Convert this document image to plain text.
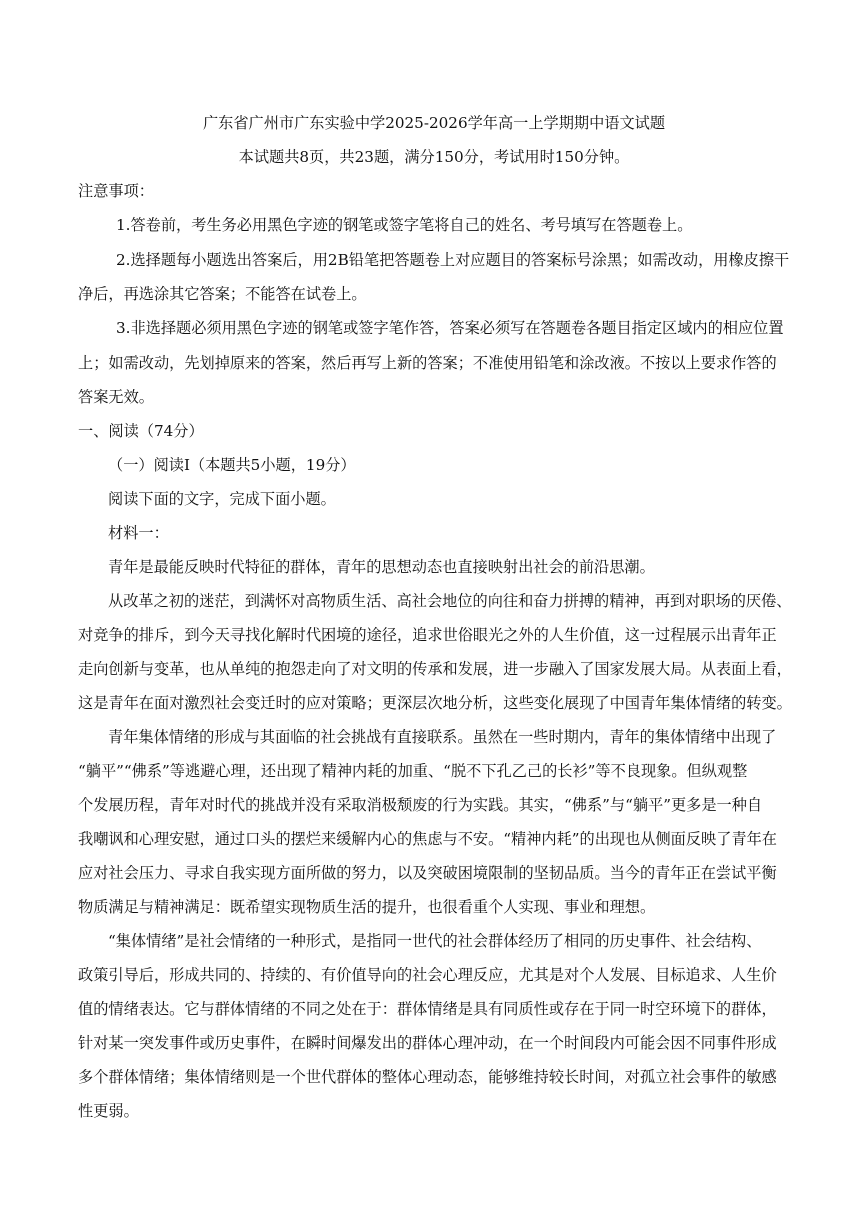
广东省广州市广东实验中学2025-2026学年高一上学期期中语文试题
本试题共8页，共23题，满分150分，考试用时150分钟。
注意事项：
1.答卷前，考生务必用黑色字迹的钢笔或签字笔将自己的姓名、考号填写在答题卷上。
2.选择题每小题选出答案后，用2B铅笔把答题卷上对应题目的答案标号涂黑；如需改动，用橡皮擦干
净后，再选涂其它答案；不能答在试卷上。
3.非选择题必须用黑色字迹的钢笔或签字笔作答，答案必须写在答题卷各题目指定区域内的相应位置
上；如需改动，先划掉原来的答案，然后再写上新的答案；不准使用铅笔和涂改液。不按以上要求作答的
答案无效。
一、阅读（74分）
（一）阅读I（本题共5小题，19分）
阅读下面的文字，完成下面小题。
材料一：
青年是最能反映时代特征的群体，青年的思想动态也直接映射出社会的前沿思潮。
从改革之初的迷茫，到满怀对高物质生活、高社会地位的向往和奋力拼搏的精神，再到对职场的厌倦、
对竞争的排斥，到今天寻找化解时代困境的途径，追求世俗眼光之外的人生价值，这一过程展示出青年正
走向创新与变革，也从单纯的抱怨走向了对文明的传承和发展，进一步融入了国家发展大局。从表面上看，
这是青年在面对激烈社会变迁时的应对策略；更深层次地分析，这些变化展现了中国青年集体情绪的转变。
青年集体情绪的形成与其面临的社会挑战有直接联系。虽然在一些时期内，青年的集体情绪中出现了
“躺平”“佛系”等逃避心理，还出现了精神内耗的加重、“脱不下孔乙己的长衫”等不良现象。但纵观整
个发展历程，青年对时代的挑战并没有采取消极颓废的行为实践。其实，“佛系”与“躺平”更多是一种自
我嘲讽和心理安慰，通过口头的摆烂来缓解内心的焦虑与不安。“精神内耗”的出现也从侧面反映了青年在
应对社会压力、寻求自我实现方面所做的努力，以及突破困境限制的坚韧品质。当今的青年正在尝试平衡
物质满足与精神满足：既希望实现物质生活的提升，也很看重个人实现、事业和理想。
“集体情绪”是社会情绪的一种形式，是指同一世代的社会群体经历了相同的历史事件、社会结构、
政策引导后，形成共同的、持续的、有价值导向的社会心理反应，尤其是对个人发展、目标追求、人生价
值的情绪表达。它与群体情绪的不同之处在于：群体情绪是具有同质性或存在于同一时空环境下的群体，
针对某一突发事件或历史事件，在瞬时间爆发出的群体心理冲动，在一个时间段内可能会因不同事件形成
多个群体情绪；集体情绪则是一个世代群体的整体心理动态，能够维持较长时间，对孤立社会事件的敏感
性更弱。
